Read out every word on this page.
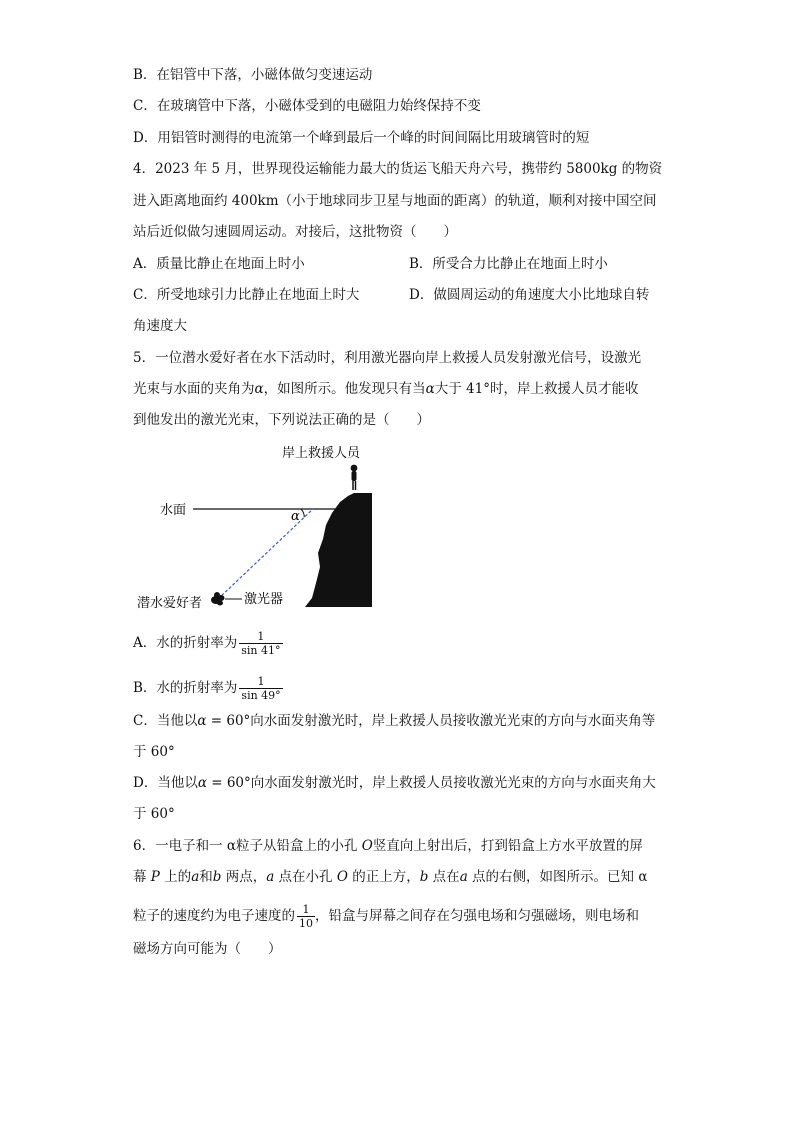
B．在铝管中下落，小磁体做匀变速运动
C．在玻璃管中下落，小磁体受到的电磁阻力始终保持不变
D．用铝管时测得的电流第一个峰到最后一个峰的时间间隔比用玻璃管时的短
4．2023 年 5 月，世界现役运输能力最大的货运飞船天舟六号，携带约 5800kg 的物资
进入距离地面约 400km（小于地球同步卫星与地面的距离）的轨道，顺利对接中国空间
站后近似做匀速圆周运动。对接后，这批物资（　　）
A．质量比静止在地面上时小	B．所受合力比静止在地面上时小
C．所受地球引力比静止在地面上时大	D．做圆周运动的角速度大小比地球自转
角速度大
5．一位潜水爱好者在水下活动时，利用激光器向岸上救援人员发射激光信号，设激光
光束与水面的夹角为α，如图所示。他发现只有当α大于 41°时，岸上救援人员才能收
到他发出的激光光束，下列说法正确的是（　　）
岸上救援人员
水面	α
潜水爱好者	激光器
A．水的折射率为 $\frac{1}{\sin 41^\circ}$
B．水的折射率为 $\frac{1}{\sin 49^\circ}$
C．当他以α = 60°向水面发射激光时，岸上救援人员接收激光光束的方向与水面夹角等
于 60°
D．当他以α = 60°向水面发射激光时，岸上救援人员接收激光光束的方向与水面夹角大
于 60°
6．一电子和一 α粒子从铅盒上的小孔 O竖直向上射出后，打到铅盒上方水平放置的屏
幕 P 上的a和b 两点，a 点在小孔 O 的正上方，b 点在a 点的右侧，如图所示。已知 α
粒子的速度约为电子速度的 $\frac{1}{10}$ ，铅盒与屏幕之间存在匀强电场和匀强磁场，则电场和
磁场方向可能为（　　）
